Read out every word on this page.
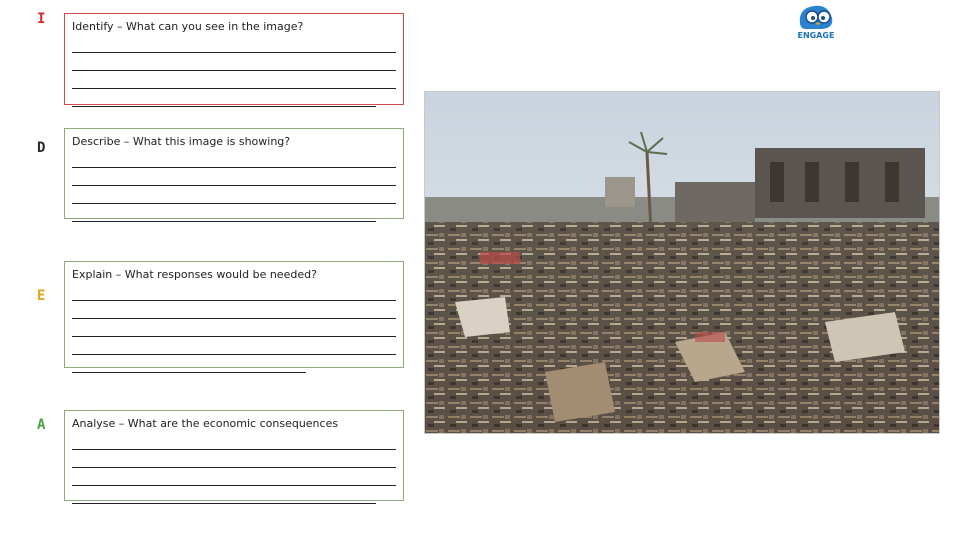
ENGAGE
I Identify – What can you see in the image?
D Describe – What this image is showing?
E
Explain – What responses would be needed?
A Analyse – What are the economic consequences
